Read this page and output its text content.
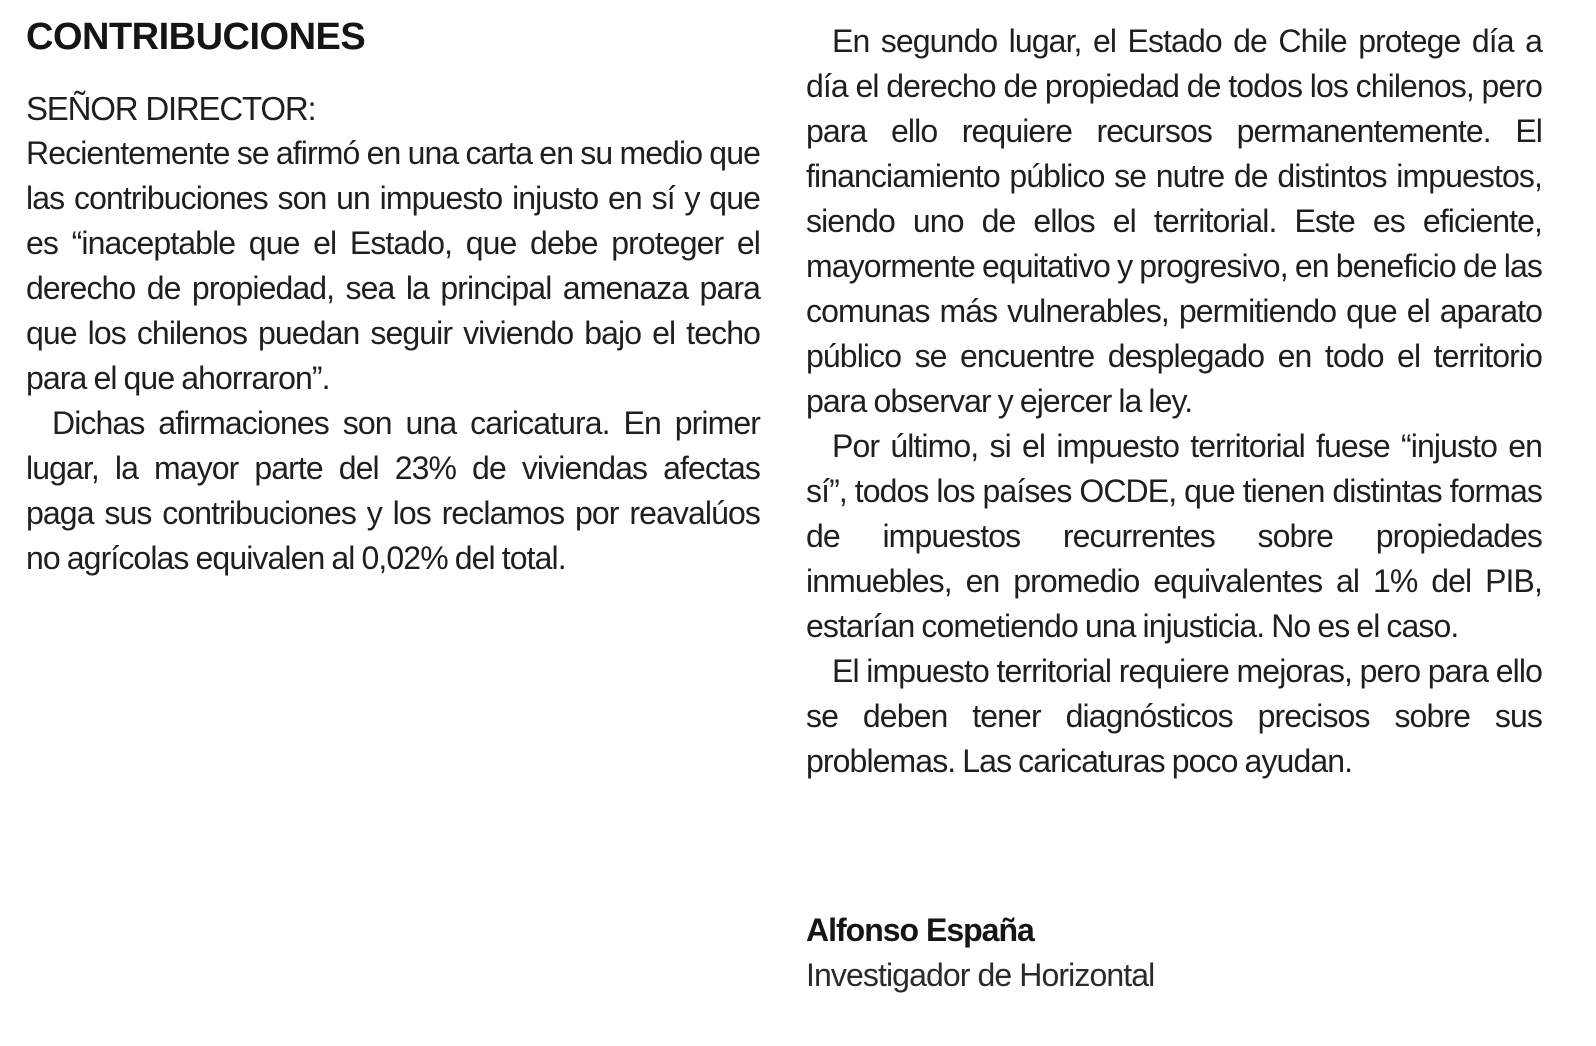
CONTRIBUCIONES

SEÑOR DIRECTOR:

Recientemente se afirmó en una carta en su medio que las contribuciones son un impuesto injusto en sí y que es “inaceptable que el Estado, que debe proteger el derecho de propiedad, sea la principal amenaza para que los chilenos puedan seguir viviendo bajo el techo para el que ahorraron”.

Dichas afirmaciones son una caricatura. En primer lugar, la mayor parte del 23% de viviendas afectas paga sus contribuciones y los reclamos por reavalúos no agrícolas equivalen al 0,02% del total.

En segundo lugar, el Estado de Chile protege día a día el derecho de propiedad de todos los chilenos, pero para ello requiere recursos permanentemente. El financiamiento público se nutre de distintos impuestos, siendo uno de ellos el territorial. Este es eficiente, mayormente equitativo y progresivo, en beneficio de las comunas más vulnerables, permitiendo que el aparato público se encuentre desplegado en todo el territorio para observar y ejercer la ley.

Por último, si el impuesto territorial fuese “injusto en sí”, todos los países OCDE, que tienen distintas formas de impuestos recurrentes sobre propiedades inmuebles, en promedio equivalentes al 1% del PIB, estarían cometiendo una injusticia. No es el caso.

El impuesto territorial requiere mejoras, pero para ello se deben tener diagnósticos precisos sobre sus problemas. Las caricaturas poco ayudan.

Alfonso España

Investigador de Horizontal
